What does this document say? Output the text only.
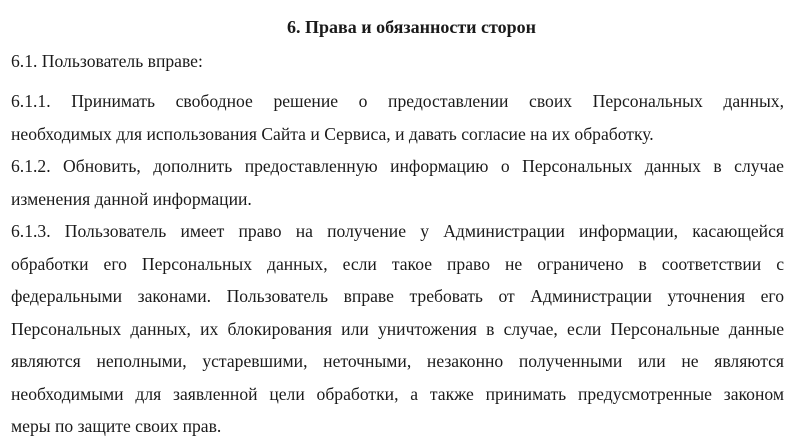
6. Права и обязанности сторон
6.1. Пользователь вправе:
6.1.1. Принимать свободное решение о предоставлении своих Персональных данных,
необходимых для использования Сайта и Сервиса, и давать согласие на их обработку.
6.1.2. Обновить, дополнить предоставленную информацию о Персональных данных в случае
изменения данной информации.
6.1.3. Пользователь имеет право на получение у Администрации информации, касающейся
обработки его Персональных данных, если такое право не ограничено в соответствии с
федеральными законами. Пользователь вправе требовать от Администрации уточнения его
Персональных данных, их блокирования или уничтожения в случае, если Персональные данные
являются неполными, устаревшими, неточными, незаконно полученными или не являются
необходимыми для заявленной цели обработки, а также принимать предусмотренные законом
меры по защите своих прав.
